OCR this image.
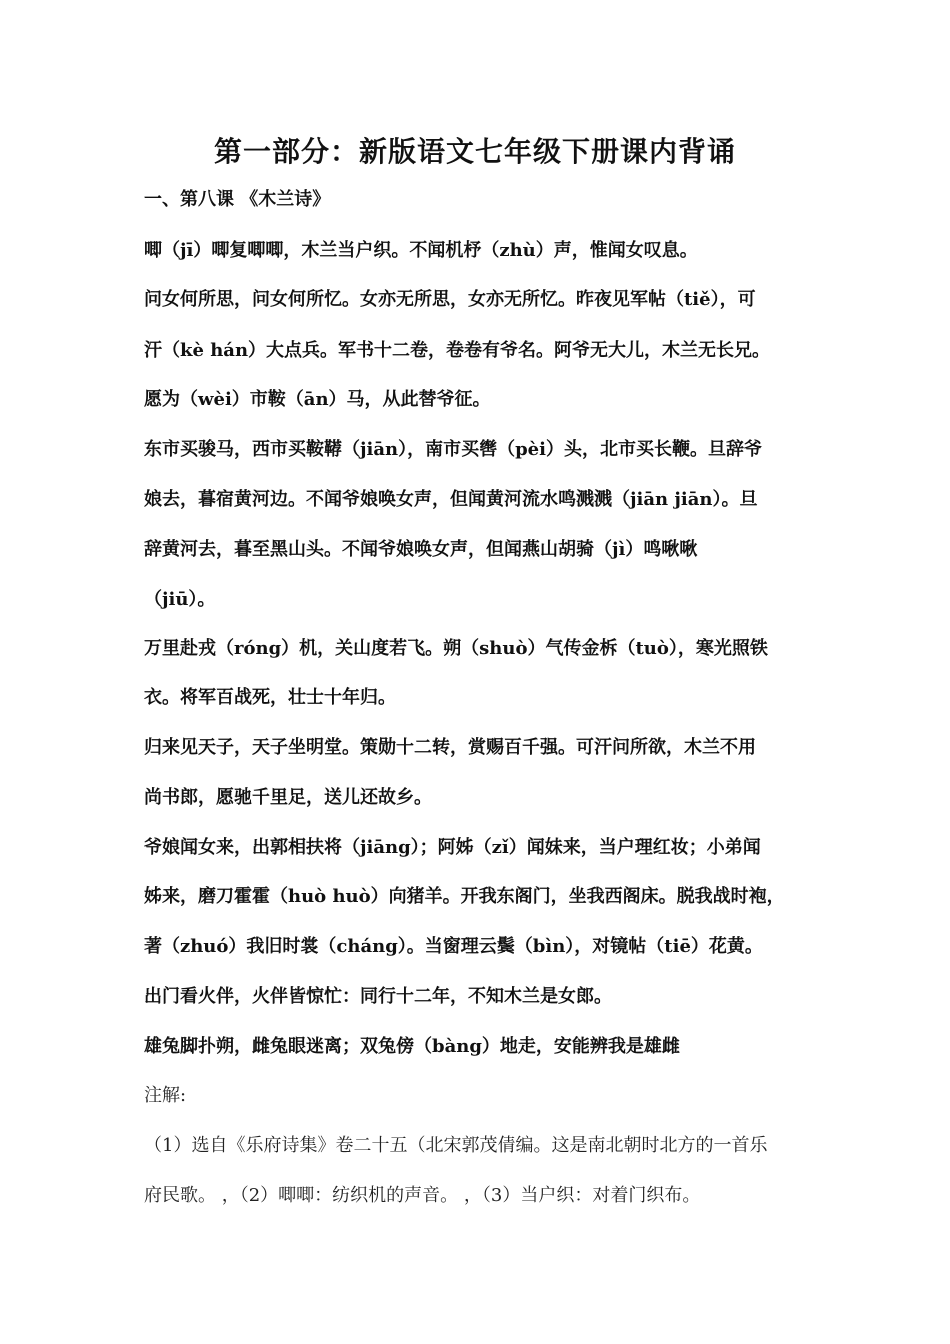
第一部分：新版语文七年级下册课内背诵
一、第八课 《木兰诗》
唧（jī）唧复唧唧，木兰当户织。不闻机杼（zhù）声，惟闻女叹息。
问女何所思，问女何所忆。女亦无所思，女亦无所忆。昨夜见军帖（tiě），可
汗（kè hán）大点兵。军书十二卷，卷卷有爷名。阿爷无大儿，木兰无长兄。
愿为（wèi）市鞍（ān）马，从此替爷征。
东市买骏马，西市买鞍鞯（jiān），南市买辔（pèi）头，北市买长鞭。旦辞爷
娘去，暮宿黄河边。不闻爷娘唤女声，但闻黄河流水鸣溅溅（jiān jiān）。旦
辞黄河去，暮至黑山头。不闻爷娘唤女声，但闻燕山胡骑（jì）鸣啾啾
（jiū）。
万里赴戎（róng）机，关山度若飞。朔（shuò）气传金柝（tuò），寒光照铁
衣。将军百战死，壮士十年归。
归来见天子，天子坐明堂。策勋十二转，赏赐百千强。可汗问所欲，木兰不用
尚书郎，愿驰千里足，送儿还故乡。
爷娘闻女来，出郭相扶将（jiāng）；阿姊（zǐ）闻妹来，当户理红妆；小弟闻
姊来，磨刀霍霍（huò huò）向猪羊。开我东阁门，坐我西阁床。脱我战时袍，
著（zhuó）我旧时裳（cháng）。当窗理云鬓（bìn），对镜帖（tiē）花黄。
出门看火伴，火伴皆惊忙：同行十二年，不知木兰是女郎。
雄兔脚扑朔，雌兔眼迷离；双兔傍（bàng）地走，安能辨我是雄雌
注解:
（1）选自《乐府诗集》卷二十五（北宋郭茂倩编。这是南北朝时北方的一首乐
府民歌。 ，（2）唧唧：纺织机的声音。 ，（3）当户织：对着门织布。
